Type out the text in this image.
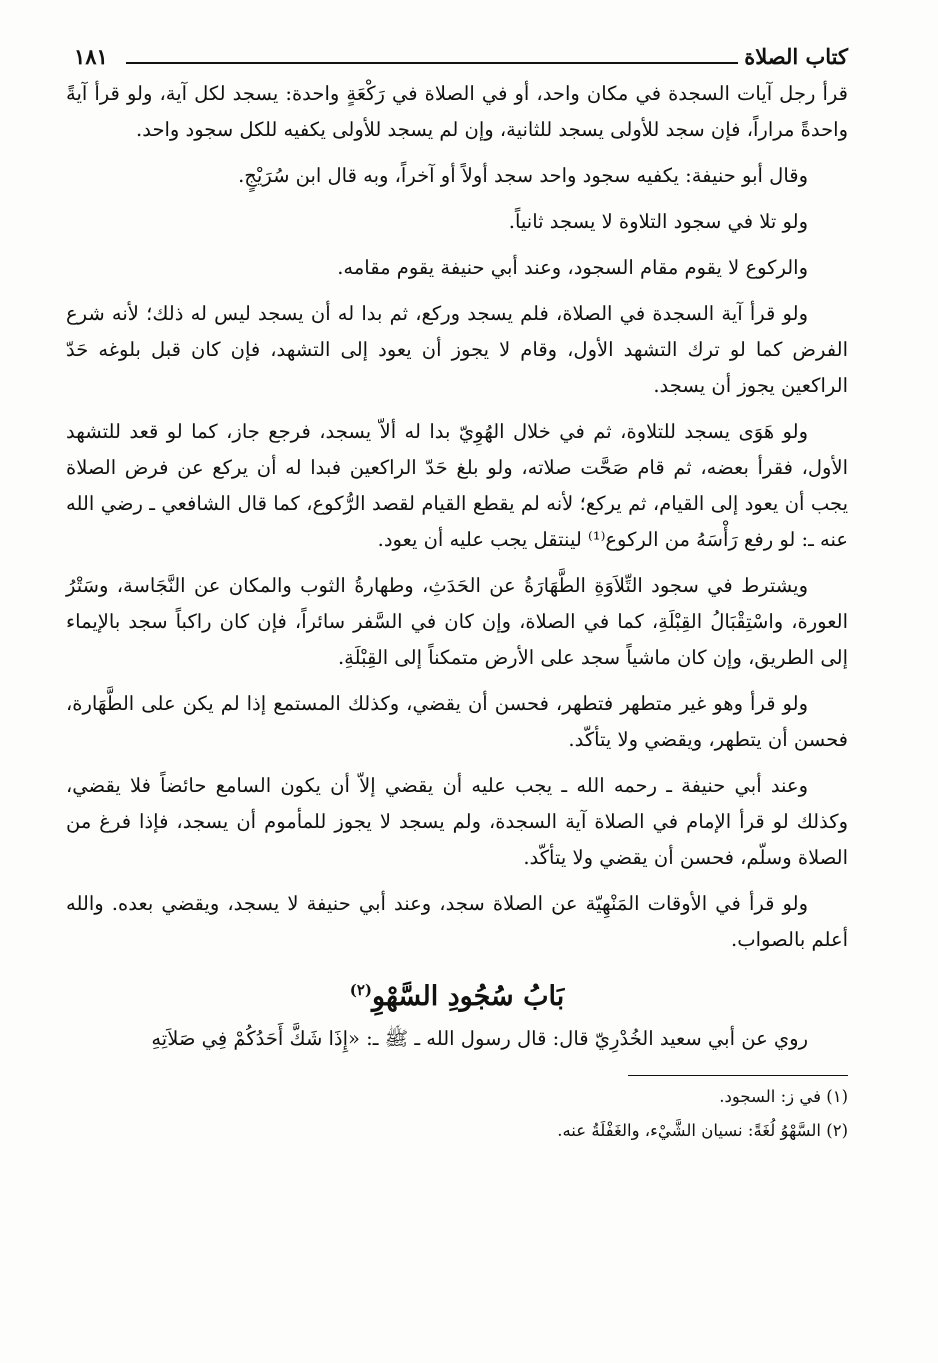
كتاب الصلاة
١٨١

قرأ رجل آيات السجدة في مكان واحد، أو في الصلاة في رَكْعَةٍ واحدة: يسجد لكل آية، ولو قرأ آيةً واحدةً مراراً، فإن سجد للأولى يسجد للثانية، وإن لم يسجد للأولى يكفيه للكل سجود واحد.

وقال أبو حنيفة: يكفيه سجود واحد سجد أولاً أو آخراً، وبه قال ابن سُرَيْجٍ.

ولو تلا في سجود التلاوة لا يسجد ثانياً.

والركوع لا يقوم مقام السجود، وعند أبي حنيفة يقوم مقامه.

ولو قرأ آية السجدة في الصلاة، فلم يسجد وركع، ثم بدا له أن يسجد ليس له ذلك؛ لأنه شرع الفرض كما لو ترك التشهد الأول، وقام لا يجوز أن يعود إلى التشهد، فإن كان قبل بلوغه حَدّ الراكعين يجوز أن يسجد.

ولو هَوَى يسجد للتلاوة، ثم في خلال الهُوِيّ بدا له ألاّ يسجد، فرجع جاز، كما لو قعد للتشهد الأول، فقرأ بعضه، ثم قام صَحَّت صلاته، ولو بلغ حَدّ الراكعين فبدا له أن يركع عن فرض الصلاة يجب أن يعود إلى القيام، ثم يركع؛ لأنه لم يقطع القيام لقصد الرُّكوع، كما قال الشافعي ـ رضي الله عنه ـ: لو رفع رَأْسَهُ من الركوع⁽¹⁾ لينتقل يجب عليه أن يعود.

ويشترط في سجود التِّلاَوَةِ الطَّهَارَةُ عن الحَدَثِ، وطهارةُ الثوب والمكان عن النَّجَاسة، وسَتْرُ العورة، واسْتِقْبَالُ القِبْلَةِ، كما في الصلاة، وإن كان في السَّفر سائراً، فإن كان راكباً سجد بالإيماء إلى الطريق، وإن كان ماشياً سجد على الأرض متمكناً إلى القِبْلَةِ.

ولو قرأ وهو غير متطهر فتطهر، فحسن أن يقضي، وكذلك المستمع إذا لم يكن على الطَّهَارة، فحسن أن يتطهر، ويقضي ولا يتأكّد.

وعند أبي حنيفة ـ رحمه الله ـ يجب عليه أن يقضي إلاّ أن يكون السامع حائضاً فلا يقضي، وكذلك لو قرأ الإمام في الصلاة آية السجدة، ولم يسجد لا يجوز للمأموم أن يسجد، فإذا فرغ من الصلاة وسلّم، فحسن أن يقضي ولا يتأكّد.

ولو قرأ في الأوقات المَنْهِيّة عن الصلاة سجد، وعند أبي حنيفة لا يسجد، ويقضي بعده. والله أعلم بالصواب.

بَابُ سُجُودِ السَّهْوِ$^{(٢)}$

روي عن أبي سعيد الخُدْرِيّ قال: قال رسول الله ـ ﷺ ـ: «إِذَا شَكَّ أَحَدُكُمْ فِي صَلاَتِهِ

(١) في ز: السجود.

(٢) السَّهْوُ لُغَةً: نسيان الشَّيْء، والغَفْلَةُ عنه.
